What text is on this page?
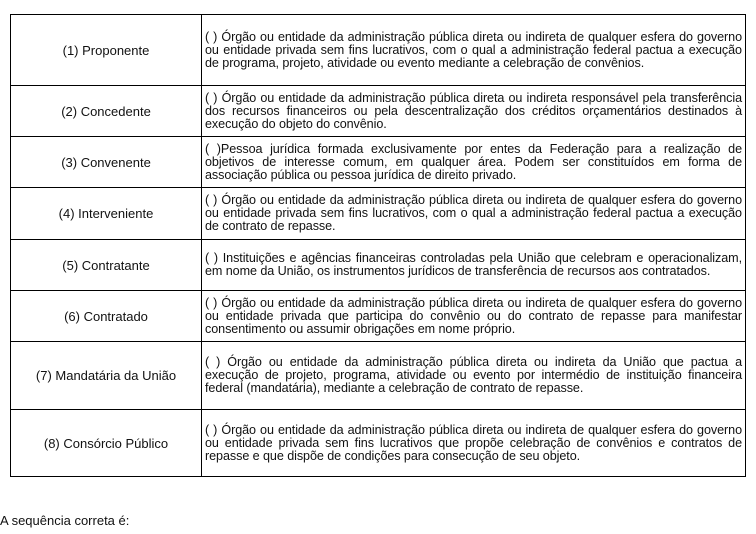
(1) Proponente	( ) Órgão ou entidade da administração pública direta ou indireta de qualquer esfera do governo ou entidade privada sem fins lucrativos, com o qual a administração federal pactua a execução de programa, projeto, atividade ou evento mediante a celebração de convênios.
(2) Concedente	( ) Órgão ou entidade da administração pública direta ou indireta responsável pela transferência dos recursos financeiros ou pela descentralização dos créditos orçamentários destinados à execução do objeto do convênio.
(3) Convenente	( )Pessoa jurídica formada exclusivamente por entes da Federação para a realização de objetivos de interesse comum, em qualquer área. Podem ser constituídos em forma de associação pública ou pessoa jurídica de direito privado.
(4) Interveniente	( ) Órgão ou entidade da administração pública direta ou indireta de qualquer esfera do governo ou entidade privada sem fins lucrativos, com o qual a administração federal pactua a execução de contrato de repasse.
(5) Contratante	( ) Instituições e agências financeiras controladas pela União que celebram e operacionalizam, em nome da União, os instrumentos jurídicos de transferência de recursos aos contratados.
(6) Contratado	( ) Órgão ou entidade da administração pública direta ou indireta de qualquer esfera do governo ou entidade privada que participa do convênio ou do contrato de repasse para manifestar consentimento ou assumir obrigações em nome próprio.
(7) Mandatária da União	( ) Órgão ou entidade da administração pública direta ou indireta da União que pactua a execução de projeto, programa, atividade ou evento por intermédio de instituição financeira federal (mandatária), mediante a celebração de contrato de repasse.
(8) Consórcio Público	( ) Órgão ou entidade da administração pública direta ou indireta de qualquer esfera do governo ou entidade privada sem fins lucrativos que propõe celebração de convênios e contratos de repasse e que dispõe de condições para consecução de seu objeto.
A sequência correta é:
